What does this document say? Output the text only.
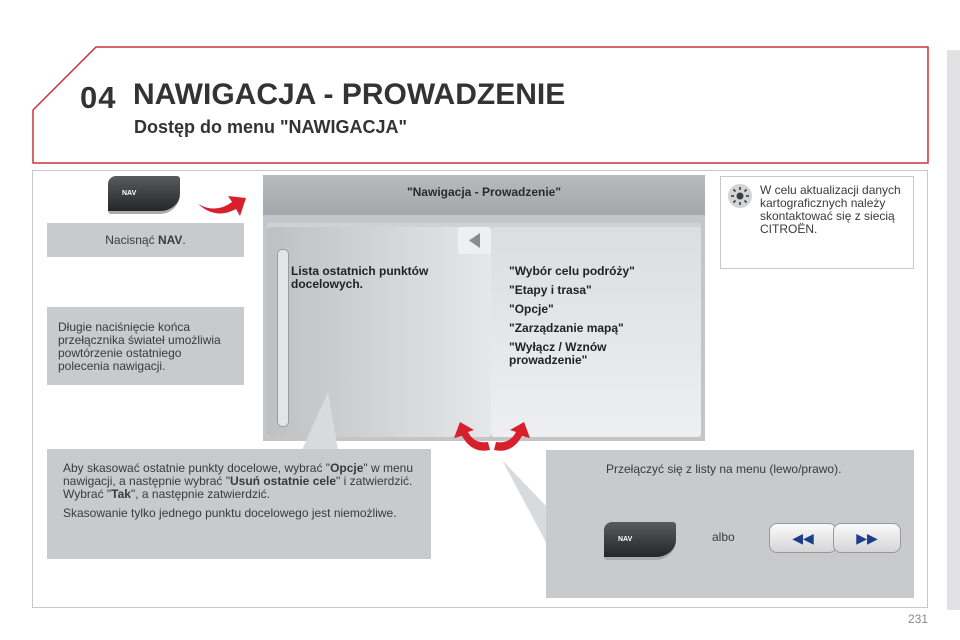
04 NAWIGACJA - PROWADZENIE
Dostęp do menu "NAWIGACJA"
NAV
Nacisnąć
NAV .
Długie naciśnięcie końca przełącznika świateł umożliwia powtórzenie ostatniego polecenia nawigacji.
"Nawigacja - Prowadzenie"
Lista ostatnich punktów docelowych.
"Wybór celu podróży"
"Etapy i trasa"
"Opcje"
"Zarządzanie mapą"
"Wyłącz / Wznów prowadzenie"
W celu aktualizacji danych kartograficznych należy skontaktować się z siecią CITROËN.

Aby skasować ostatnie punkty docelowe, wybrać "Opcje" w menu nawigacji, a następnie wybrać "Usuń ostatnie cele" i zatwierdzić. Wybrać "Tak", a następnie zatwierdzić.

Skasowanie tylko jednego punktu docelowego jest niemożliwe.

Przełączyć się z listy na menu (lewo/prawo).
albo
NAV	◀◀	▶▶
231
